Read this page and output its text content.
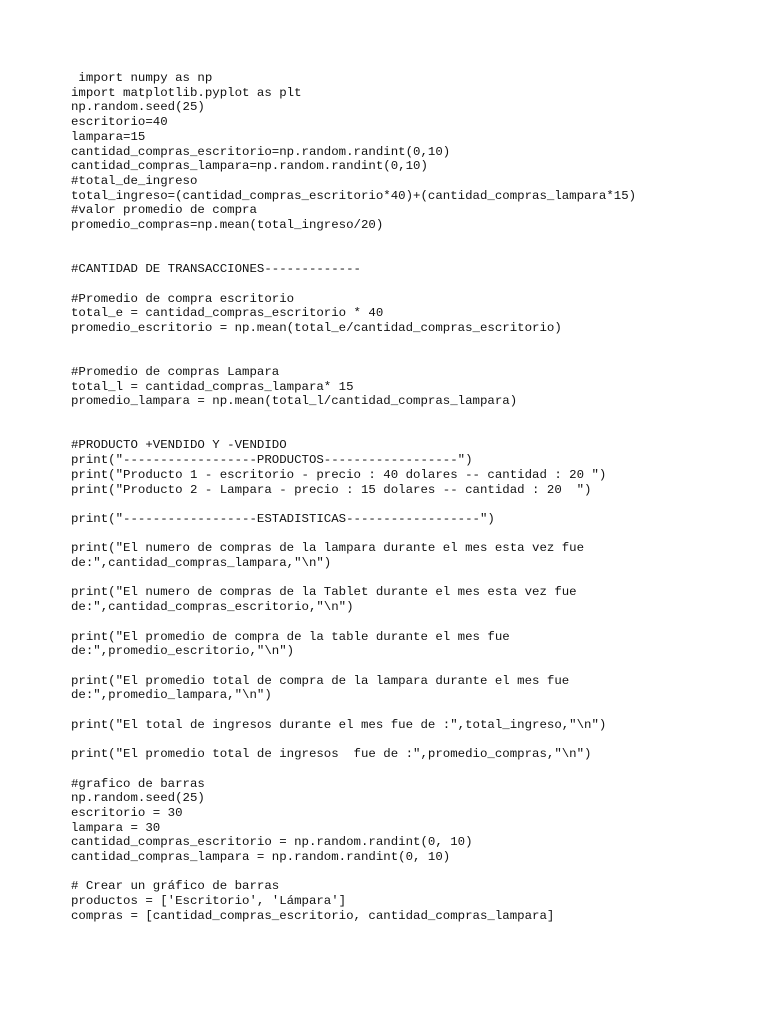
import numpy as np
import matplotlib.pyplot as plt
np.random.seed(25)
escritorio=40
lampara=15
cantidad_compras_escritorio=np.random.randint(0,10)
cantidad_compras_lampara=np.random.randint(0,10)
#total_de_ingreso
total_ingreso=(cantidad_compras_escritorio*40)+(cantidad_compras_lampara*15)
#valor promedio de compra
promedio_compras=np.mean(total_ingreso/20)
#CANTIDAD DE TRANSACCIONES-------------
#Promedio de compra escritorio
total_e = cantidad_compras_escritorio * 40
promedio_escritorio = np.mean(total_e/cantidad_compras_escritorio)
#Promedio de compras Lampara
total_l = cantidad_compras_lampara* 15
promedio_lampara = np.mean(total_l/cantidad_compras_lampara)
#PRODUCTO +VENDIDO Y -VENDIDO
print("------------------PRODUCTOS------------------")
print("Producto 1 - escritorio - precio : 40 dolares -- cantidad : 20 ")
print("Producto 2 - Lampara - precio : 15 dolares -- cantidad : 20  ")
print("------------------ESTADISTICAS------------------")
print("El numero de compras de la lampara durante el mes esta vez fue
de:",cantidad_compras_lampara,"\n")
print("El numero de compras de la Tablet durante el mes esta vez fue
de:",cantidad_compras_escritorio,"\n")
print("El promedio de compra de la table durante el mes fue
de:",promedio_escritorio,"\n")
print("El promedio total de compra de la lampara durante el mes fue
de:",promedio_lampara,"\n")
print("El total de ingresos durante el mes fue de :",total_ingreso,"\n")
print("El promedio total de ingresos  fue de :",promedio_compras,"\n")
#grafico de barras
np.random.seed(25)
escritorio = 30
lampara = 30
cantidad_compras_escritorio = np.random.randint(0, 10)
cantidad_compras_lampara = np.random.randint(0, 10)
# Crear un gráfico de barras
productos = ['Escritorio', 'Lámpara']
compras = [cantidad_compras_escritorio, cantidad_compras_lampara]
